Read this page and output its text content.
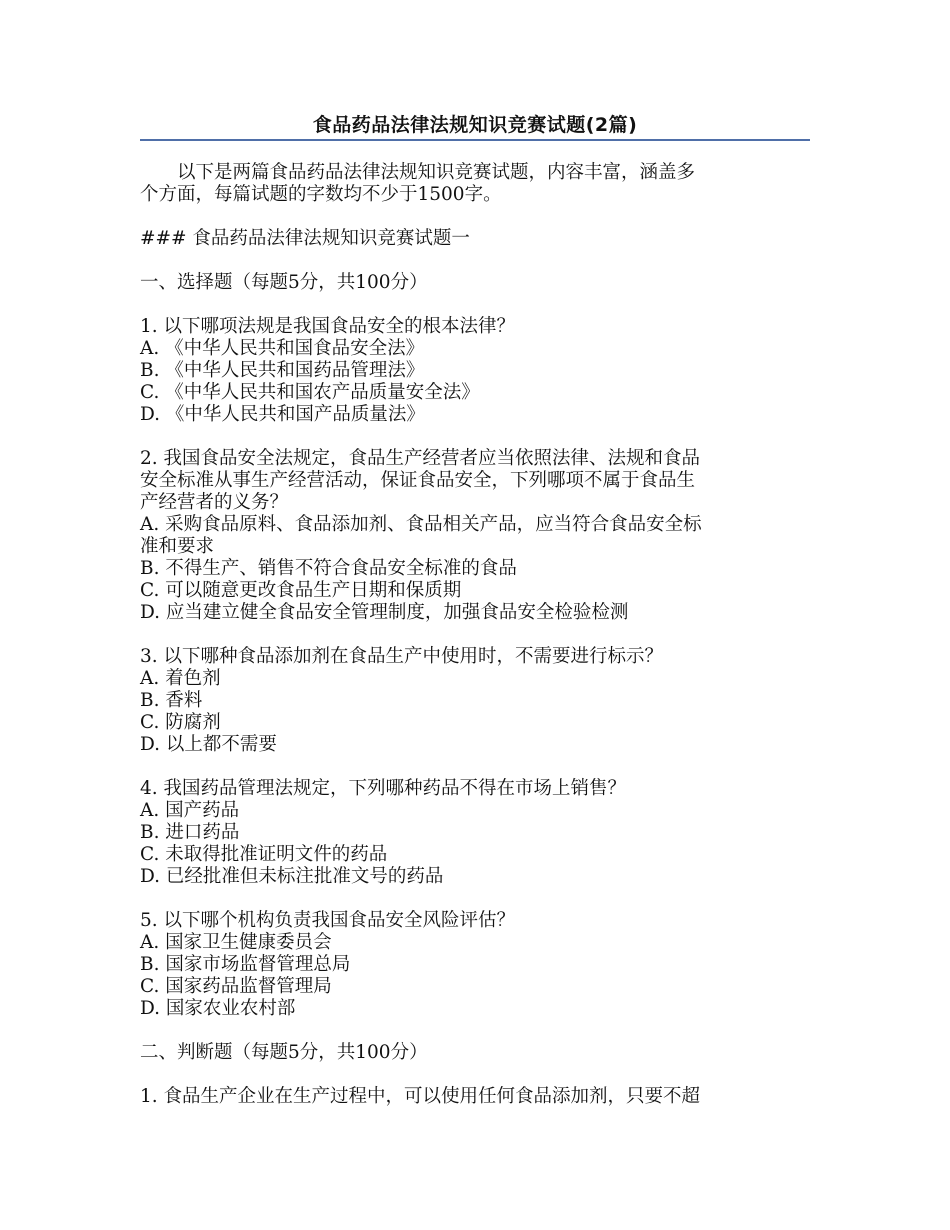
食品药品法律法规知识竞赛试题(2篇)
以下是两篇食品药品法律法规知识竞赛试题，内容丰富，涵盖多
个方面，每篇试题的字数均不少于1500字。
### 食品药品法律法规知识竞赛试题一
一、选择题（每题5分，共100分）
1. 以下哪项法规是我国食品安全的根本法律？
A. 《中华人民共和国食品安全法》
B. 《中华人民共和国药品管理法》
C. 《中华人民共和国农产品质量安全法》
D. 《中华人民共和国产品质量法》
2. 我国食品安全法规定，食品生产经营者应当依照法律、法规和食品
安全标准从事生产经营活动，保证食品安全，下列哪项不属于食品生
产经营者的义务？
A. 采购食品原料、食品添加剂、食品相关产品，应当符合食品安全标
准和要求
B. 不得生产、销售不符合食品安全标准的食品
C. 可以随意更改食品生产日期和保质期
D. 应当建立健全食品安全管理制度，加强食品安全检验检测
3. 以下哪种食品添加剂在食品生产中使用时，不需要进行标示？
A. 着色剂
B. 香料
C. 防腐剂
D. 以上都不需要
4. 我国药品管理法规定，下列哪种药品不得在市场上销售？
A. 国产药品
B. 进口药品
C. 未取得批准证明文件的药品
D. 已经批准但未标注批准文号的药品
5. 以下哪个机构负责我国食品安全风险评估？
A. 国家卫生健康委员会
B. 国家市场监督管理总局
C. 国家药品监督管理局
D. 国家农业农村部
二、判断题（每题5分，共100分）
1. 食品生产企业在生产过程中，可以使用任何食品添加剂，只要不超
